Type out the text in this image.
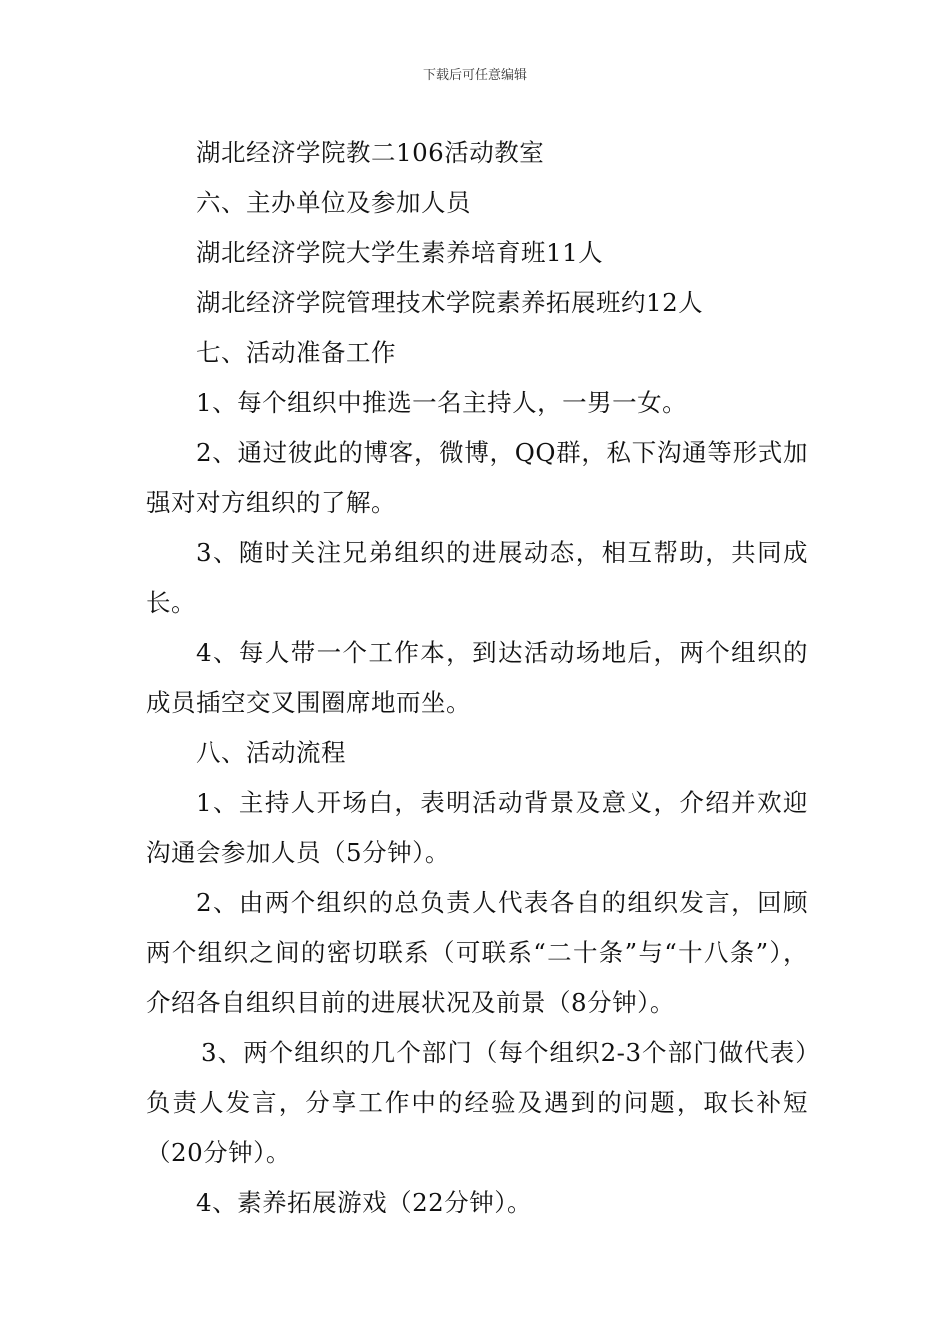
下载后可任意编辑

湖北经济学院教二106活动教室

六、主办单位及参加人员

湖北经济学院大学生素养培育班11人

湖北经济学院管理技术学院素养拓展班约12人

七、活动准备工作

1、每个组织中推选一名主持人，一男一女。

2、通过彼此的博客，微博，QQ群，私下沟通等形式加强对对方组织的了解。

3、随时关注兄弟组织的进展动态，相互帮助，共同成长。

4、每人带一个工作本，到达活动场地后，两个组织的成员插空交叉围圈席地而坐。

八、活动流程

1、主持人开场白，表明活动背景及意义，介绍并欢迎沟通会参加人员（5分钟）。

2、由两个组织的总负责人代表各自的组织发言，回顾两个组织之间的密切联系（可联系“二十条”与“十八条”），介绍各自组织目前的进展状况及前景（8分钟）。

3、两个组织的几个部门（每个组织2-3个部门做代表）负责人发言，分享工作中的经验及遇到的问题，取长补短（20分钟）。

4、素养拓展游戏（22分钟）。
